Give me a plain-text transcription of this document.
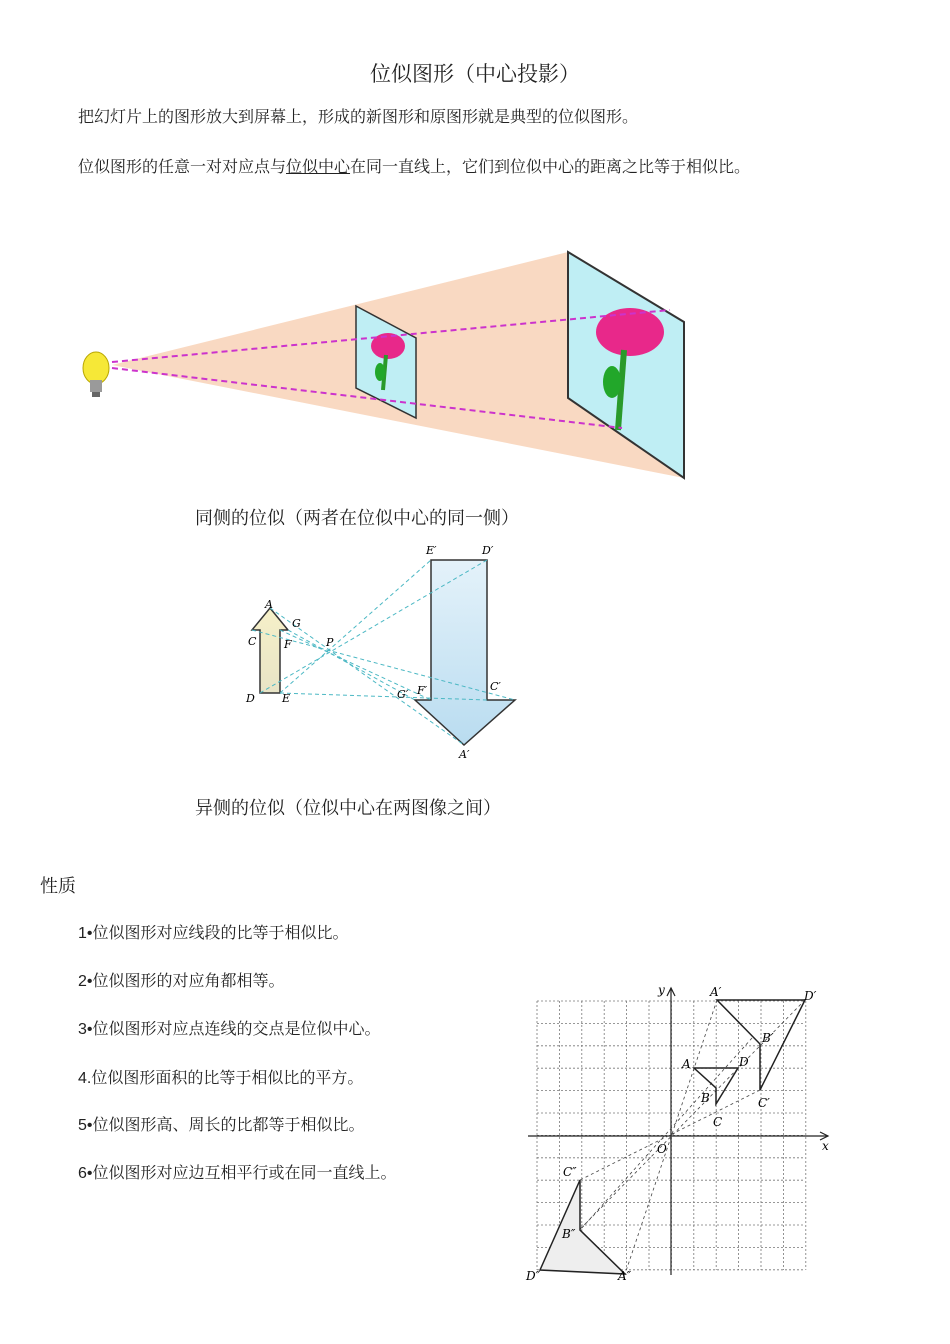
位似图形（中心投影）
把幻灯片上的图形放大到屏幕上，形成的新图形和原图形就是典型的位似图形。
位似图形的任意一对对应点与位似中心在同一直线上，它们到位似中心的距离之比等于相似比。
同侧的位似（两者在位似中心的同一侧）
A
G
C	F
D E
P
E′	D′
C′
F′
G′
A′
异侧的位似（位似中心在两图像之间）
性质
1•位似图形对应线段的比等于相似比。
2•位似图形的对应角都相等。
3•位似图形对应点连线的交点是位似中心。
4.位似图形面积的比等于相似比的平方。
5•位似图形高、周长的比都等于相似比。
6•位似图形对应边互相平行或在同一直线上。
x
y
O
A′	D′
B′
C′
A	D
B
C
C″
B″
D″	A″
